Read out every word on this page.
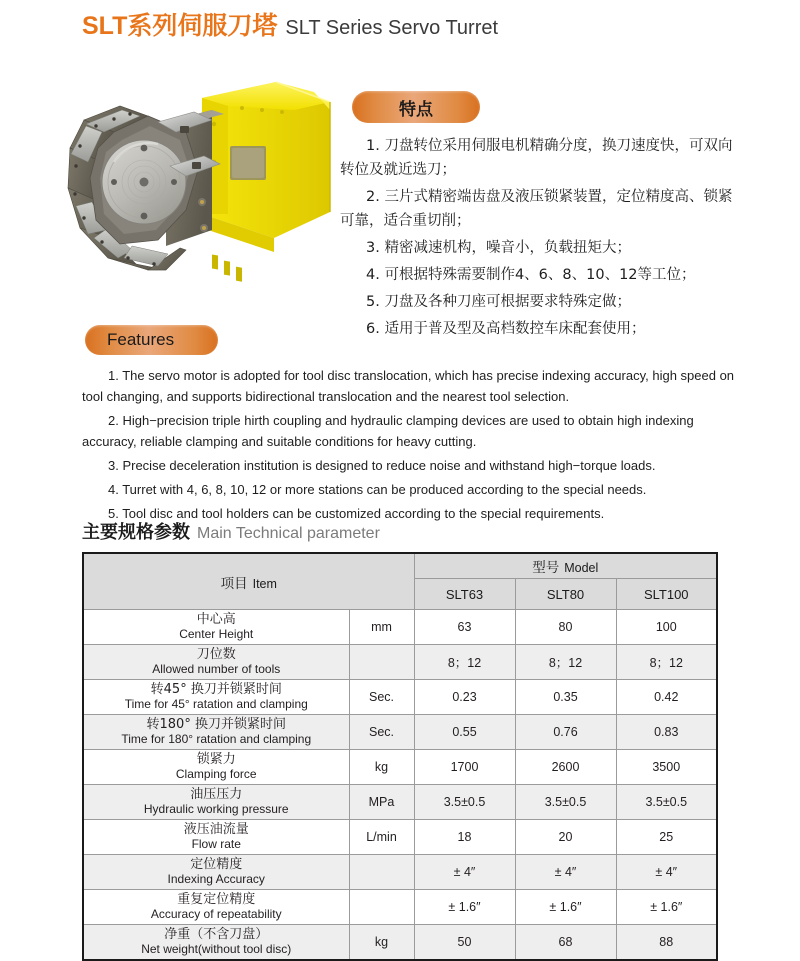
SLT系列伺服刀塔 SLT Series Servo Turret
特点

1. 刀盘转位采用伺服电机精确分度，换刀速度快，可双向转位及就近选刀；

2. 三片式精密端齿盘及液压锁紧装置，定位精度高、锁紧可靠，适合重切削；

3. 精密减速机构，噪音小，负载扭矩大；

4. 可根据特殊需要制作4、6、8、10、12等工位；

5. 刀盘及各种刀座可根据要求特殊定做；

6. 适用于普及型及高档数控车床配套使用；

Features

1. The servo motor is adopted for tool disc translocation, which has precise indexing accuracy, high speed on tool changing, and supports bidirectional translocation and the nearest tool selection.

2. High−precision triple hirth coupling and hydraulic clamping devices are used to obtain high indexing accuracy, reliable clamping and suitable conditions for heavy cutting.

3. Precise deceleration institution is designed to reduce noise and withstand high−torque loads.

4. Turret with 4, 6, 8, 10, 12 or more stations can be produced according to the special needs.

5. Tool disc and tool holders can be customized according to the special requirements.

主要规格参数 Main Technical parameter
项目 Item		型号 Model		
		SLT63	SLT80	SLT100

中心高
Center Height	mm	63	80	100

刀位数
Allowed number of tools		8；12	8；12	8；12

转45° 换刀并锁紧时间
Time for 45° ratation and clamping	Sec.	0.23	0.35	0.42

转180° 换刀并锁紧时间
Time for 180° ratation and clamping	Sec.	0.55	0.76	0.83

锁紧力
Clamping force	kg	1700	2600	3500

油压压力
Hydraulic working pressure	MPa	3.5±0.5	3.5±0.5	3.5±0.5

液压油流量
Flow rate	L/min	18	20	25

定位精度
Indexing Accuracy		± 4″	± 4″	± 4″

重复定位精度
Accuracy of repeatability		± 1.6″	± 1.6″	± 1.6″

净重（不含刀盘）
Net weight(without tool disc)	kg	50	68	88
